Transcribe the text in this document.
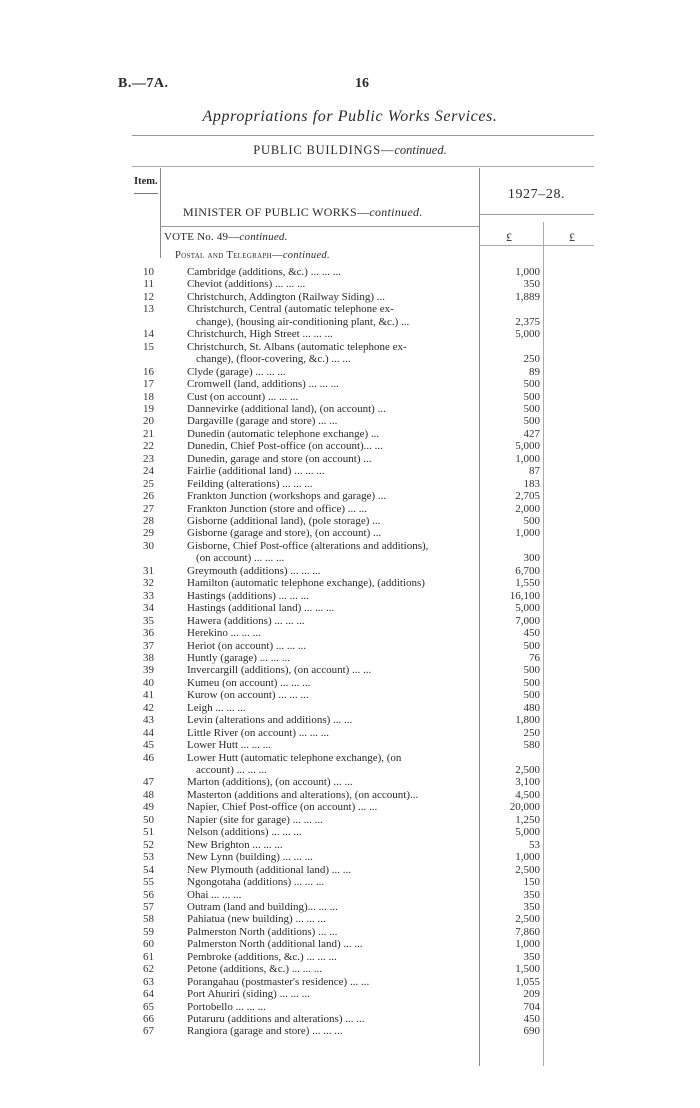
B.—7A.	16
Appropriations for Public Works Services.
PUBLIC BUILDINGS—continued.
Item.
1927–28.
MINISTER OF PUBLIC WORKS—continued.
VOTE No. 49—continued.	£	£
Postal and Telegraph—continued.
10	Cambridge (additions, &c.) ... ... ...	1,000
11	Cheviot (additions) ... ... ...	350
12	Christchurch, Addington (Railway Siding) ...	1,889
13	Christchurch, Central (automatic telephone ex-
change), (housing air-conditioning plant, &c.) ...	2,375
14	Christchurch, High Street ... ... ...	5,000
15	Christchurch, St. Albans (automatic telephone ex-
change), (floor-covering, &c.) ... ...	250
16	Clyde (garage) ... ... ...	89
17	Cromwell (land, additions) ... ... ...	500
18	Cust (on account) ... ... ...	500
19	Dannevirke (additional land), (on account) ...	500
20	Dargaville (garage and store) ... ...	500
21	Dunedin (automatic telephone exchange) ...	427
22	Dunedin, Chief Post-office (on account)... ...	5,000
23	Dunedin, garage and store (on account) ...	1,000
24	Fairlie (additional land) ... ... ...	87
25	Feilding (alterations) ... ... ...	183
26	Frankton Junction (workshops and garage) ...	2,705
27	Frankton Junction (store and office) ... ...	2,000
28	Gisborne (additional land), (pole storage) ...	500
29	Gisborne (garage and store), (on account) ...	1,000
30	Gisborne, Chief Post-office (alterations and additions),
(on account) ... ... ...	300
31	Greymouth (additions) ... ... ...	6,700
32	Hamilton (automatic telephone exchange), (additions)	1,550
33	Hastings (additions) ... ... ...	16,100
34	Hastings (additional land) ... ... ...	5,000
35	Hawera (additions) ... ... ...	7,000
36	Herekino ... ... ...	450
37	Heriot (on account) ... ... ...	500
38	Huntly (garage) ... ... ...	76
39	Invercargill (additions), (on account) ... ...	500
40	Kumeu (on account) ... ... ...	500
41	Kurow (on account) ... ... ...	500
42	Leigh ... ... ...	480
43	Levin (alterations and additions) ... ...	1,800
44	Little River (on account) ... ... ...	250
45	Lower Hutt ... ... ...	580
46	Lower Hutt (automatic telephone exchange), (on
account) ... ... ...	2,500
47	Marton (additions), (on account) ... ...	3,100
48	Masterton (additions and alterations), (on account)...	4,500
49	Napier, Chief Post-office (on account) ... ...	20,000
50	Napier (site for garage) ... ... ...	1,250
51	Nelson (additions) ... ... ...	5,000
52	New Brighton ... ... ...	53
53	New Lynn (building) ... ... ...	1,000
54	New Plymouth (additional land) ... ...	2,500
55	Ngongotaha (additions) ... ... ...	150
56	Ohai ... ... ...	350
57	Outram (land and building)... ... ...	350
58	Pahiatua (new building) ... ... ...	2,500
59	Palmerston North (additions) ... ...	7,860
60	Palmerston North (additional land) ... ...	1,000
61	Pembroke (additions, &c.) ... ... ...	350
62	Petone (additions, &c.) ... ... ...	1,500
63	Porangahau (postmaster's residence) ... ...	1,055
64	Port Ahuriri (siding) ... ... ...	209
65	Portobello ... ... ...	704
66	Putaruru (additions and alterations) ... ...	450
67	Rangiora (garage and store) ... ... ...	690
